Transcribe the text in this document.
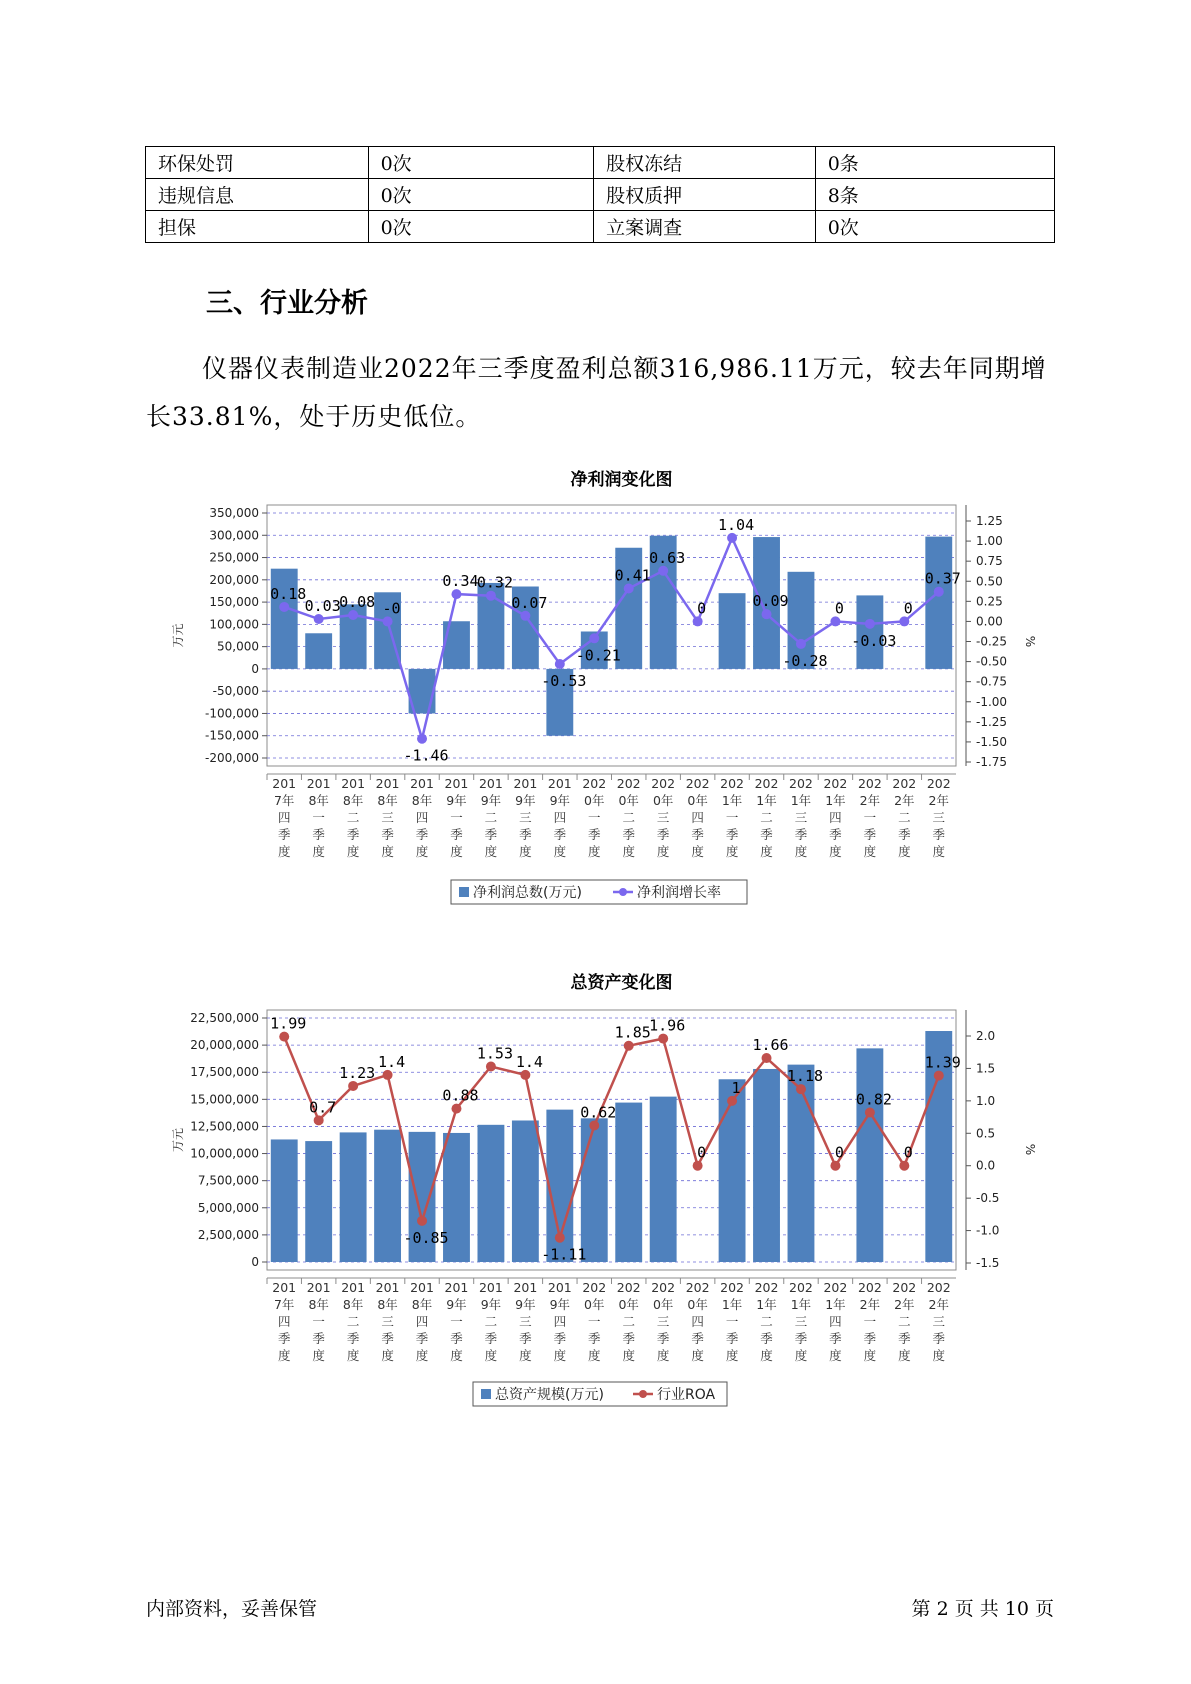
环保处罚	0次	股权冻结	0条
违规信息	0次	股权质押	8条
担保	0次	立案调查	0次
三、行业分析
仪器仪表制造业2022年三季度盈利总额316,986.11万元，较去年同期增长33.81%，处于历史低位。
净利润变化图
350,000
300,000
250,000
200,000
150,000
100,000
50,000
0
-50,000
-100,000
-150,000
-200,000
1.25
1.00
0.75
0.50
0.25
0.00
-0.25
-0.50
-0.75
-1.00
-1.25
-1.50
-1.75
万元	%
0.18
0.03
0.08 -0
-1.46
0.34
0.32
0.07
-0.53
-0.21
0.41
0.63
0
1.04
0.09
-0.28
0
-0.03
0
0.37
201 7年四季度
201 8年一季度
201 8年二季度
201 8年三季度
201 8年四季度
201 9年一季度
201 9年二季度
201 9年三季度
201 9年四季度
202 0年一季度
202 0年二季度
202 0年三季度
202 0年四季度
202 1年一季度
202 1年二季度
202 1年三季度
202 1年四季度
202 2年一季度
202 2年二季度
202 2年三季度
净利润总数(万元)	净利润增长率
总资产变化图
22,500,000
20,000,000
17,500,000
15,000,000
12,500,000
10,000,000
7,500,000
5,000,000
2,500,000
0
2.0
1.5
1.0
0.5
0.0
-0.5
-1.0
-1.5
万元	%
1.99
0.7
1.23
1.4
-0.85
0.88
1.53 1.4
-1.11
0.62
1.85
1.96
0
1
1.66
1.18
0
0.82
0
1.39
201 7年四季度
201 8年一季度
201 8年二季度
201 8年三季度
201 8年四季度
201 9年一季度
201 9年二季度
201 9年三季度
201 9年四季度
202 0年一季度
202 0年二季度
202 0年三季度
202 0年四季度
202 1年一季度
202 1年二季度
202 1年三季度
202 1年四季度
202 2年一季度
202 2年二季度
202 2年三季度
总资产规模(万元)	行业ROA
内部资料，妥善保管	第 2 页 共 10 页
